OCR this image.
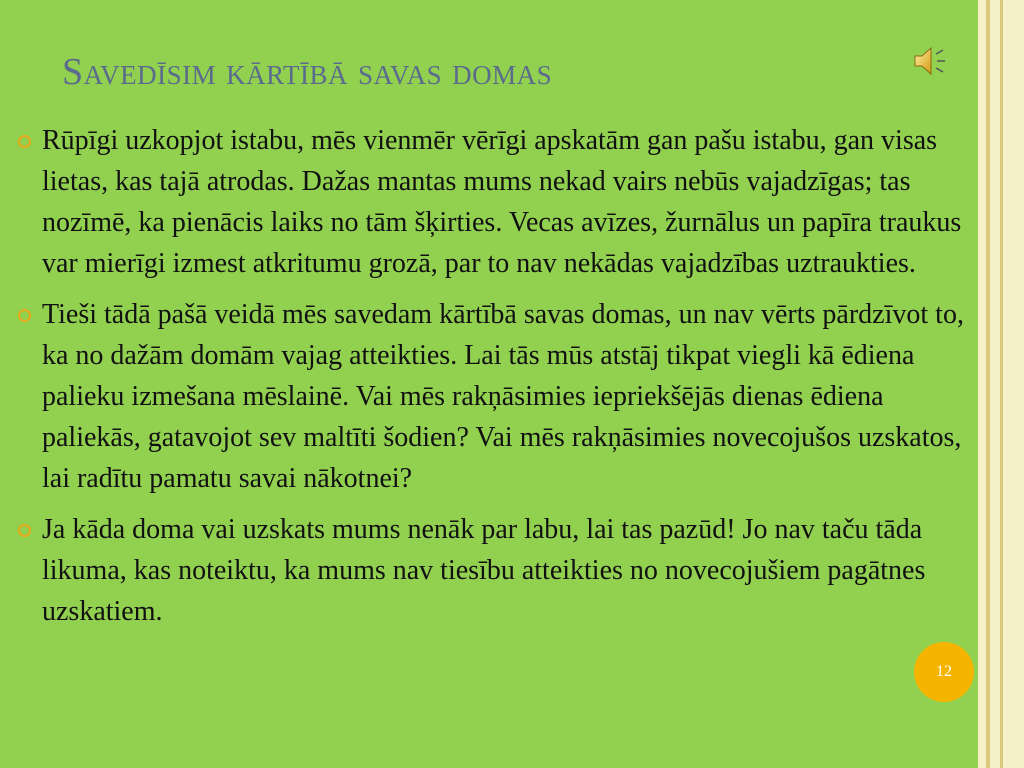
Savedīsim kārtībā savas domas
Rūpīgi uzkopjot istabu, mēs vienmēr vērīgi apskatām gan pašu istabu, gan visas lietas, kas tajā atrodas. Dažas mantas mums nekad vairs nebūs vajadzīgas; tas nozīmē, ka pienācis laiks no tām šķirties. Vecas avīzes, žurnālus un papīra traukus var mierīgi izmest atkritumu grozā, par to nav nekādas vajadzības uztraukties.
Tieši tādā pašā veidā mēs savedam kārtībā savas domas, un nav vērts pārdzīvot to, ka no dažām domām vajag atteikties. Lai tās mūs atstāj tikpat viegli kā ēdiena palieku izmešana mēslainē. Vai mēs rakņāsimies iepriekšējās dienas ēdiena paliekās, gatavojot sev maltīti šodien? Vai mēs rakņāsimies novecojušos uzskatos, lai radītu pamatu savai nākotnei?
Ja kāda doma vai uzskats mums nenāk par labu, lai tas pazūd! Jo nav taču tāda likuma, kas noteiktu, ka mums nav tiesību atteikties no novecojušiem pagātnes uzskatiem.
12
